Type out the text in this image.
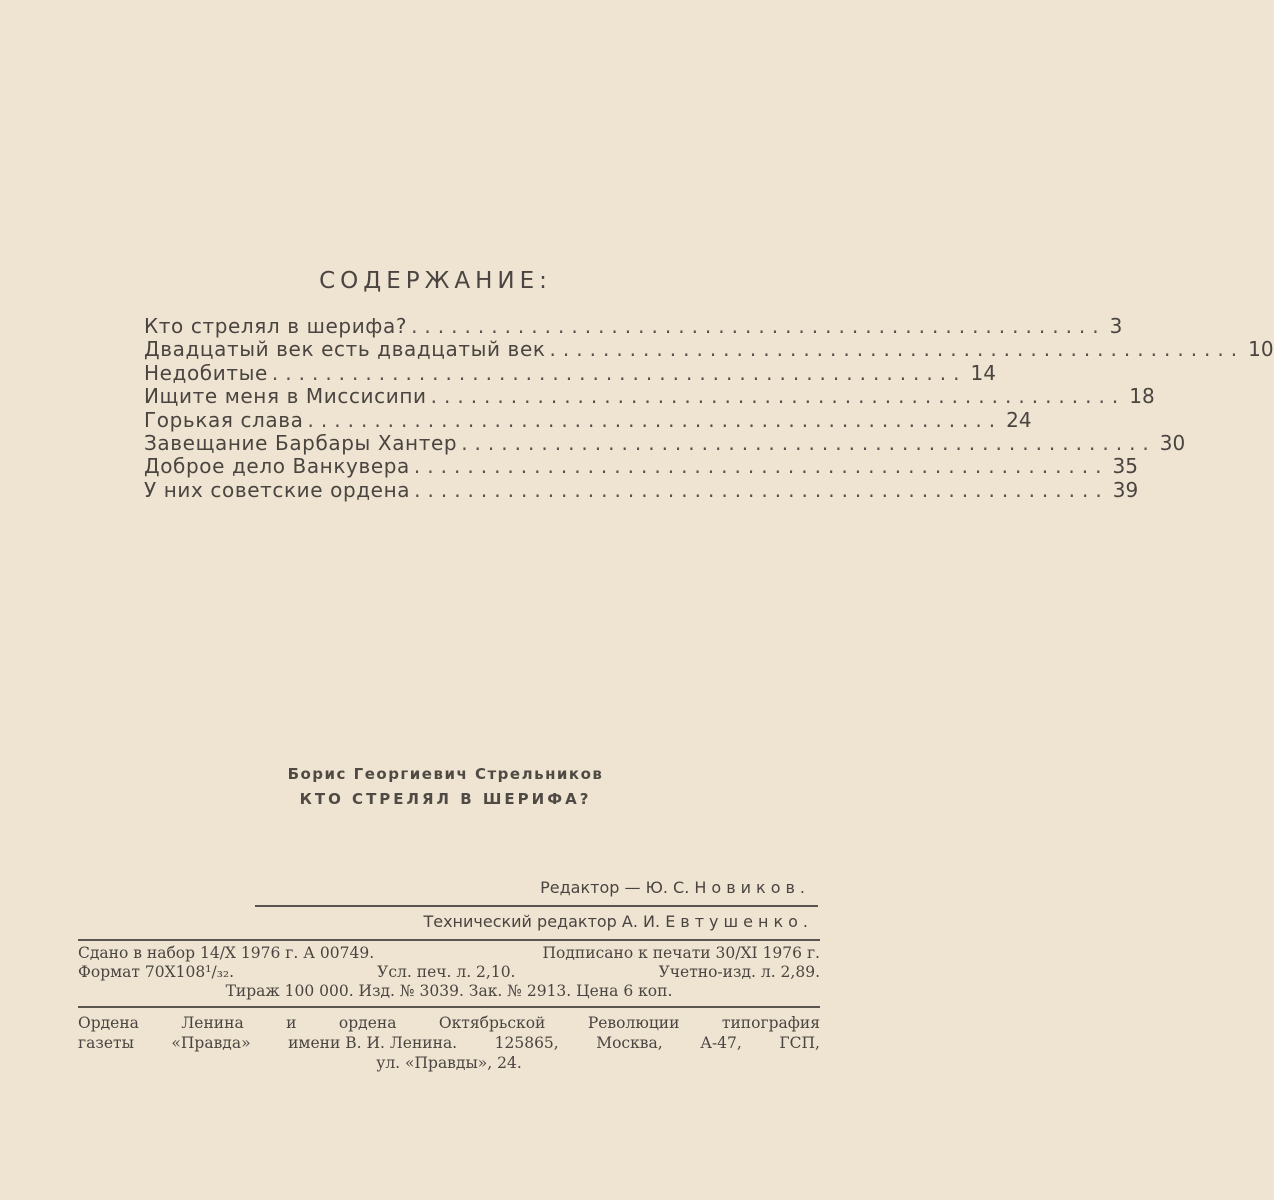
СОДЕРЖАНИЕ:
Кто стрелял в шерифа? .................................................... 3
Двадцатый век есть двадцатый век .................................................... 10
Недобитые .................................................... 14
Ищите меня в Миссисипи .................................................... 18
Горькая слава .................................................... 24
Завещание Барбары Хантер .................................................... 30
Доброе дело Ванкувера .................................................... 35
У них советские ордена .................................................... 39
Борис Георгиевич Стрельников
КТО СТРЕЛЯЛ В ШЕРИФА?
Редактор — Ю. С. Новиков.
Технический редактор А. И. Евтушенко.
Сдано в набор 14/X 1976 г. А 00749.	Подписано к печати 30/XI 1976 г.
Формат 70Х108¹/₃₂.	Усл. печ. л. 2,10.	Учетно-изд. л. 2,89.
Тираж 100 000. Изд. № 3039. Зак. № 2913. Цена 6 коп.
Ордена	Ленина	и	ордена	Октябрьской	Революции	типография
газеты «Правда» имени В. И. Ленина. 125865, Москва, А-47, ГСП,
ул. «Правды», 24.
